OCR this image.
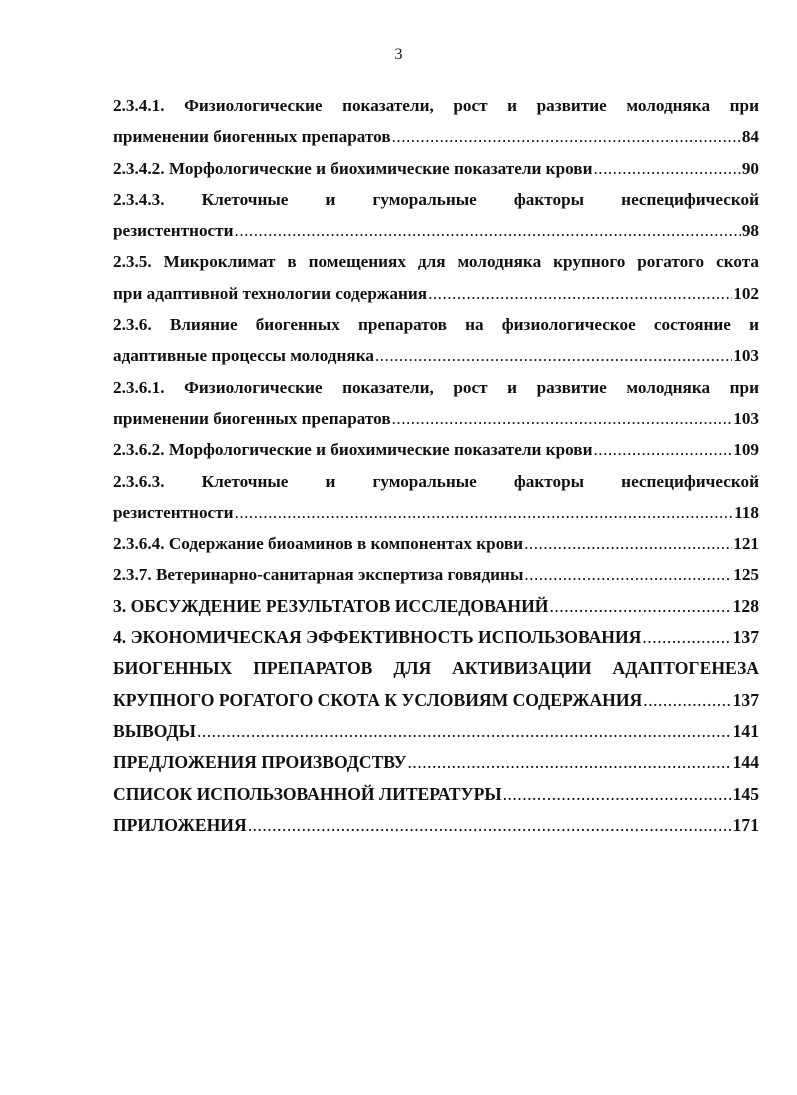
3
2.3.4.1. Физиологические показатели, рост и развитие молодняка при
применении биогенных препаратов .....	84
2.3.4.2. Морфологические и биохимические показатели крови .....	90
2.3.4.3. Клеточные и гуморальные факторы неспецифической
резистентности .....	98
2.3.5. Микроклимат в помещениях для молодняка крупного рогатого скота
при адаптивной технологии содержания .....	102
2.3.6. Влияние биогенных препаратов на физиологическое состояние и
адаптивные процессы молодняка .....	103
2.3.6.1. Физиологические показатели, рост и развитие молодняка при
применении биогенных препаратов .....	103
2.3.6.2. Морфологические и биохимические показатели крови .....	109
2.3.6.3. Клеточные и гуморальные факторы неспецифической
резистентности .....	118
2.3.6.4. Содержание биоаминов в компонентах крови .....	121
2.3.7. Ветеринарно-санитарная экспертиза говядины .....	125
3. ОБСУЖДЕНИЕ РЕЗУЛЬТАТОВ ИССЛЕДОВАНИЙ .....	128
4. ЭКОНОМИЧЕСКАЯ ЭФФЕКТИВНОСТЬ ИСПОЛЬЗОВАНИЯ .....	137
БИОГЕННЫХ ПРЕПАРАТОВ ДЛЯ АКТИВИЗАЦИИ АДАПТОГЕНЕЗА
КРУПНОГО РОГАТОГО СКОТА К УСЛОВИЯМ СОДЕРЖАНИЯ .....	137
ВЫВОДЫ .....	141
ПРЕДЛОЖЕНИЯ ПРОИЗВОДСТВУ .....	144
СПИСОК ИСПОЛЬЗОВАННОЙ ЛИТЕРАТУРЫ .....	145
ПРИЛОЖЕНИЯ .....	171
